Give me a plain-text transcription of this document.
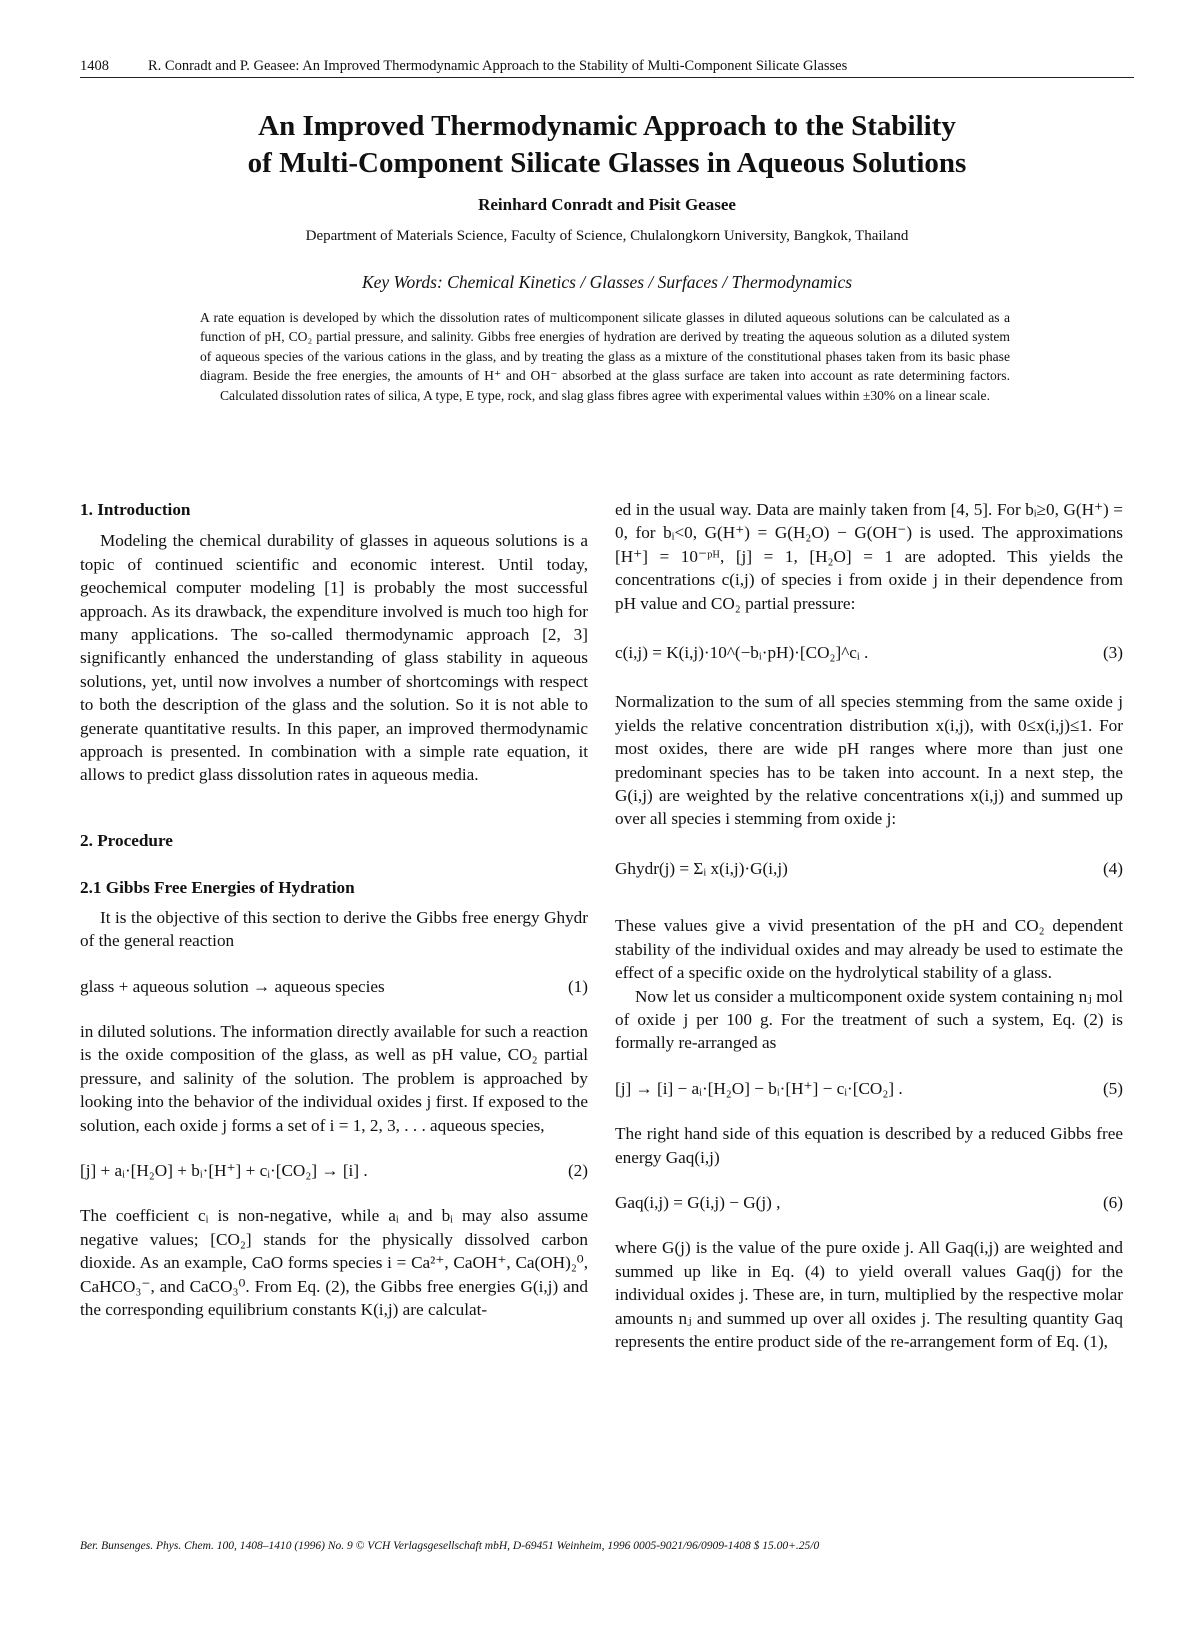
1408	R. Conradt and P. Geasee: An Improved Thermodynamic Approach to the Stability of Multi-Component Silicate Glasses
An Improved Thermodynamic Approach to the Stability
of Multi-Component Silicate Glasses in Aqueous Solutions
Reinhard Conradt and Pisit Geasee
Department of Materials Science, Faculty of Science, Chulalongkorn University, Bangkok, Thailand
Key Words: Chemical Kinetics / Glasses / Surfaces / Thermodynamics
A rate equation is developed by which the dissolution rates of multicomponent silicate glasses in diluted aqueous solutions can be calculated as a function of pH, CO₂ partial pressure, and salinity. Gibbs free energies of hydration are derived by treating the aqueous solution as a diluted system of aqueous species of the various cations in the glass, and by treating the glass as a mixture of the constitutional phases taken from its basic phase diagram. Beside the free energies, the amounts of H⁺ and OH⁻ absorbed at the glass surface are taken into account as rate determining factors. Calculated dissolution rates of silica, A type, E type, rock, and slag glass fibres agree with experimental values within ±30% on a linear scale.
1. Introduction

Modeling the chemical durability of glasses in aqueous solutions is a topic of continued scientific and economic interest. Until today, geochemical computer modeling [1] is probably the most successful approach. As its drawback, the expenditure involved is much too high for many applications. The so-called thermodynamic approach [2, 3] significantly enhanced the understanding of glass stability in aqueous solutions, yet, until now involves a number of shortcomings with respect to both the description of the glass and the solution. So it is not able to generate quantitative results. In this paper, an improved thermodynamic approach is presented. In combination with a simple rate equation, it allows to predict glass dissolution rates in aqueous media.

2. Procedure
2.1 Gibbs Free Energies of Hydration

It is the objective of this section to derive the Gibbs free energy Ghydr of the general reaction

glass + aqueous solution → aqueous species	(1)

in diluted solutions. The information directly available for such a reaction is the oxide composition of the glass, as well as pH value, CO₂ partial pressure, and salinity of the solution. The problem is approached by looking into the behavior of the individual oxides j first. If exposed to the solution, each oxide j forms a set of i = 1, 2, 3, . . . aqueous species,

[j] + aᵢ·[H₂O] + bᵢ·[H⁺] + cᵢ·[CO₂] → [i] .	(2)

The coefficient cᵢ is non-negative, while aᵢ and bᵢ may also assume negative values; [CO₂] stands for the physically dissolved carbon dioxide. As an example, CaO forms species i = Ca²⁺, CaOH⁺, Ca(OH)₂⁰, CaHCO₃⁻, and CaCO₃⁰. From Eq. (2), the Gibbs free energies G(i,j) and the corresponding equilibrium constants K(i,j) are calculat-

ed in the usual way. Data are mainly taken from [4, 5]. For bᵢ≥0, G(H⁺) = 0, for bᵢ<0, G(H⁺) = G(H₂O) − G(OH⁻) is used. The approximations [H⁺] = 10⁻ᵖᴴ, [j] = 1, [H₂O] = 1 are adopted. This yields the concentrations c(i,j) of species i from oxide j in their dependence from pH value and CO₂ partial pressure:

c(i,j) = K(i,j)·10^(−bᵢ·pH)·[CO₂]^cᵢ .	(3)

Normalization to the sum of all species stemming from the same oxide j yields the relative concentration distribution x(i,j), with 0≤x(i,j)≤1. For most oxides, there are wide pH ranges where more than just one predominant species has to be taken into account. In a next step, the G(i,j) are weighted by the relative concentrations x(i,j) and summed up over all species i stemming from oxide j:

Ghydr(j) = Σᵢ x(i,j)·G(i,j)	(4)

These values give a vivid presentation of the pH and CO₂ dependent stability of the individual oxides and may already be used to estimate the effect of a specific oxide on the hydrolytical stability of a glass.

Now let us consider a multicomponent oxide system containing nⱼ mol of oxide j per 100 g. For the treatment of such a system, Eq. (2) is formally re-arranged as

[j] → [i] − aᵢ·[H₂O] − bᵢ·[H⁺] − cᵢ·[CO₂] .	(5)

The right hand side of this equation is described by a reduced Gibbs free energy Gaq(i,j)

Gaq(i,j) = G(i,j) − G(j) ,	(6)

where G(j) is the value of the pure oxide j. All Gaq(i,j) are weighted and summed up like in Eq. (4) to yield overall values Gaq(j) for the individual oxides j. These are, in turn, multiplied by the respective molar amounts nⱼ and summed up over all oxides j. The resulting quantity Gaq represents the entire product side of the re-arrangement form of Eq. (1),

Ber. Bunsenges. Phys. Chem. 100, 1408–1410 (1996) No. 9 © VCH Verlagsgesellschaft mbH, D-69451 Weinheim, 1996 0005-9021/96/0909-1408 $ 15.00+.25/0
